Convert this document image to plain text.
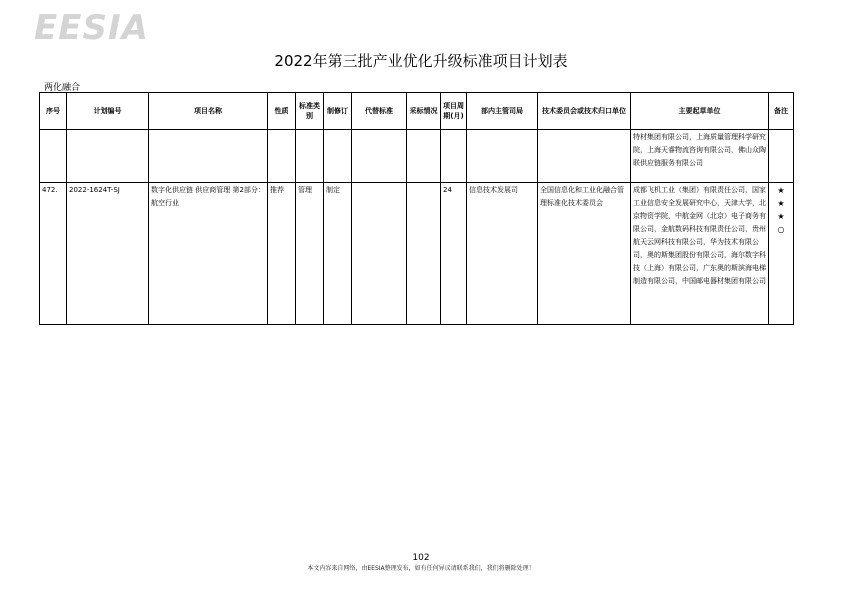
EESIA
2022年第三批产业优化升级标准项目计划表
两化融合
序号	计划编号	项目名称	性质	标准类别	制修订	代替标准	采标情况	项目周期(月)	部内主管司局	技术委员会或技术归口单位	主要起草单位	备注
											特材集团有限公司，上海质量管理科学研究院，上海天睿物流咨询有限公司，佛山众陶联供应链服务有限公司	
472.	2022-1624T-SJ	数字化供应链 供应商管理 第2部分：航空行业	推荐	管理	制定			24	信息技术发展司	全国信息化和工业化融合管理标准化技术委员会	成都飞机工业（集团）有限责任公司，国家工业信息安全发展研究中心，天津大学，北京物资学院，中航金网（北京）电子商务有限公司，金航数码科技有限责任公司，贵州航天云网科技有限公司，华为技术有限公司，奥的斯集团股份有限公司，海尔数字科技（上海）有限公司，广东奥的斯滨海电梯制造有限公司，中国邮电器材集团有限公司	★
★
★
○
102
本文内容来自网络，由EESIA整理发布，如有任何异议请联系我们，我们将删除处理！
